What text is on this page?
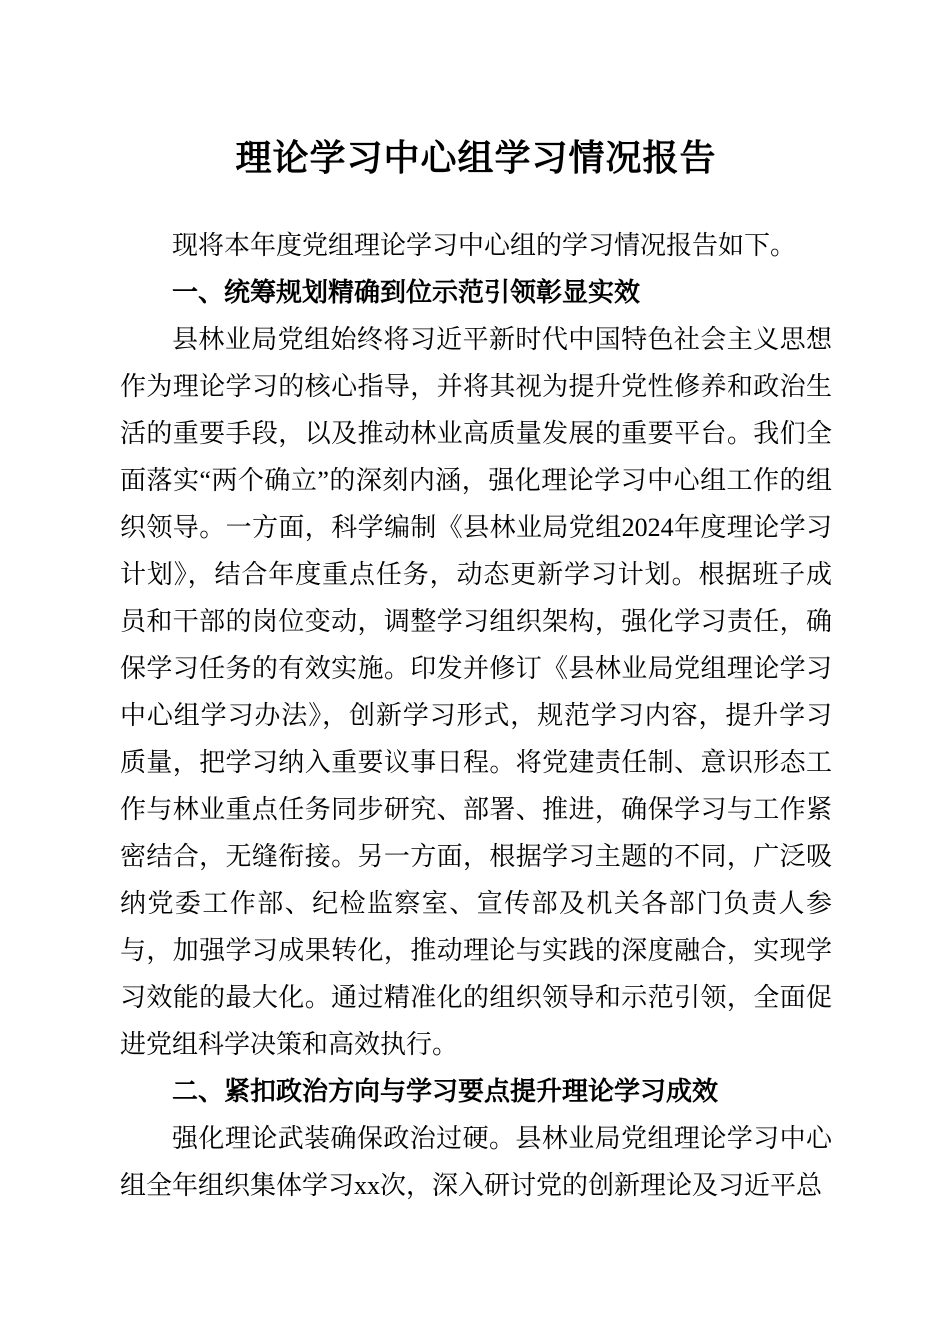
理论学习中心组学习情况报告

现将本年度党组理论学习中心组的学习情况报告如下。

一、统筹规划精确到位示范引领彰显实效

县林业局党组始终将习近平新时代中国特色社会主义思想作为理论学习的核心指导，并将其视为提升党性修养和政治生活的重要手段，以及推动林业高质量发展的重要平台。我们全面落实“两个确立”的深刻内涵，强化理论学习中心组工作的组织领导。一方面，科学编制《县林业局党组2024年度理论学习计划》，结合年度重点任务，动态更新学习计划。根据班子成员和干部的岗位变动，调整学习组织架构，强化学习责任，确保学习任务的有效实施。印发并修订《县林业局党组理论学习中心组学习办法》，创新学习形式，规范学习内容，提升学习质量，把学习纳入重要议事日程。将党建责任制、意识形态工作与林业重点任务同步研究、部署、推进，确保学习与工作紧密结合，无缝衔接。另一方面，根据学习主题的不同，广泛吸纳党委工作部、纪检监察室、宣传部及机关各部门负责人参与，加强学习成果转化，推动理论与实践的深度融合，实现学习效能的最大化。通过精准化的组织领导和示范引领，全面促进党组科学决策和高效执行。

二、紧扣政治方向与学习要点提升理论学习成效

强化理论武装确保政治过硬。县林业局党组理论学习中心组全年组织集体学习xx次，深入研讨党的创新理论及习近平总
